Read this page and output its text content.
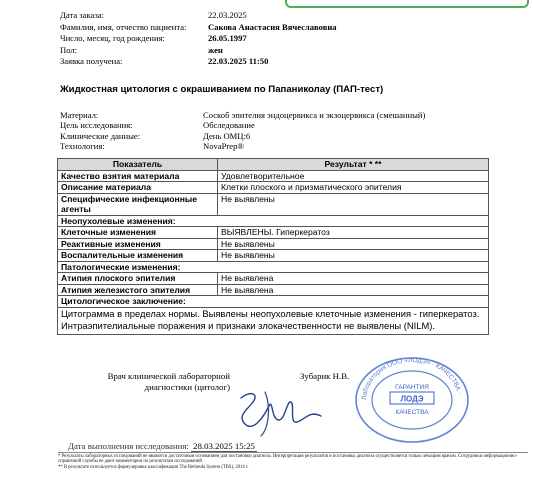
Дата заказа:	22.03.2025
Фамилия, имя, отчество пациента:	Сакова Анастасия Вячеславовна
Число, месяц, год рождения:	26.05.1997
Пол:	жен
Заявка получена:	22.03.2025 11:50
Жидкостная цитология с окрашиванием по Папаниколау (ПАП-тест)
Материал:	Соскоб эпителия эндоцервикса и экзоцервикса (смешанный)
Цель исследования:	Обследование
Клинические данные:	День ОМЦ:6
Технология:	NovaPrep®
Показатель	Результат * **
Качество взятия материала	Удовлетворительное
Описание материала	Клетки плоского и призматического эпителия
Специфические инфекционные агенты	Не выявлены
Неопухолевые изменения:	
Клеточные изменения	ВЫЯВЛЕНЫ. Гиперкератоз
Реактивные изменения	Не выявлены
Воспалительные изменения	Не выявлены
Патологические изменения:	
Атипия плоского эпителия	Не выявлена
Атипия железистого эпителия	Не выявлена
Цитологическое заключение:	
Цитограмма в пределах нормы. Выявлены неопухолевые клеточные изменения - гиперкератоз. Интраэпителиальные поражения и признаки злокачественности не выявлены (NILM).	
Врач клинической лабораторной диагностики (цитолог)
Зубарик Н.В.
Лаборатория ООО «ЛОДЭ» · КАЧЕСТВА ·
ГАРАНТИЯ
ЛОДЭ
КАЧЕСТВА
Дата выполнения исследования: 28.03.2025 15:25
* Результаты лабораторных исследований не являются достаточным основанием для постановки диагноза. Интерпретация результатов и постановка диагноза осуществляется только лечащим врачом. Сотрудники информационно-справочной службы не дают комментарии по результатам исследований.
** В результате используется формулировка классификации The Bethesda System (TBS), 2014 г.
